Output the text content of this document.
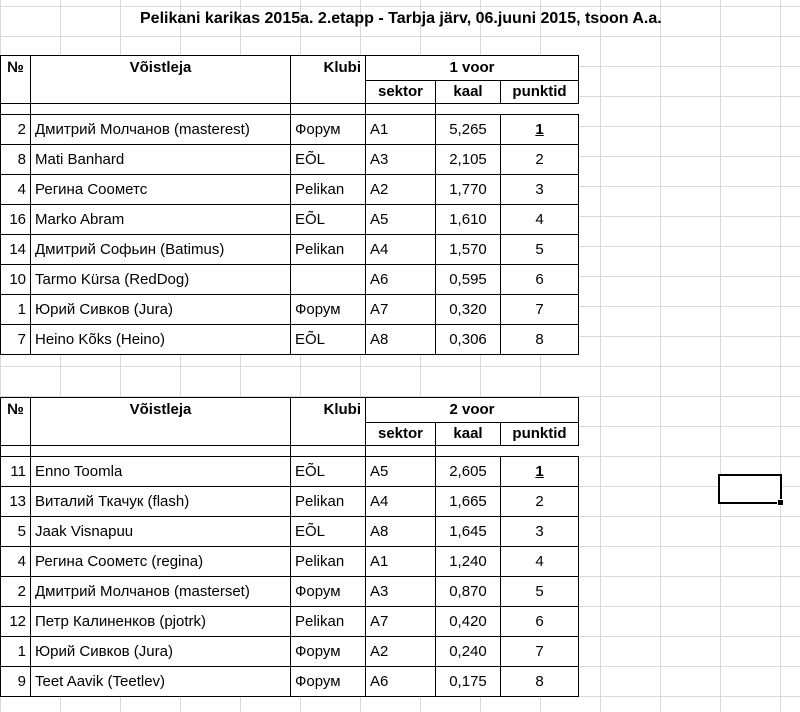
Pelikani karikas 2015a. 2.etapp - Tarbja järv, 06.juuni 2015, tsoon A.a.
№	Võistleja	Klubi	1 voor		
			sektor	kaal	punktid

2	Дмитрий Молчанов (masterest)	Форум	A1	5,265	1
8	Mati Banhard	EÕL	A3	2,105	2
4	Регина Соометс	Pelikan	A2	1,770	3
16	Marko Abram	EÕL	A5	1,610	4
14	Дмитрий Софьин (Batimus)	Pelikan	A4	1,570	5
10	Tarmo Kürsa (RedDog)		A6	0,595	6
1	Юрий Сивков (Jura)	Форум	A7	0,320	7
7	Heino Kõks (Heino)	EÕL	A8	0,306	8
№	Võistleja	Klubi	2 voor		
			sektor	kaal	punktid

11	Enno Toomla	EÕL	A5	2,605	1
13	Виталий Ткачук (flash)	Pelikan	A4	1,665	2
5	Jaak Visnapuu	EÕL	A8	1,645	3
4	Регина Соометс (regina)	Pelikan	A1	1,240	4
2	Дмитрий Молчанов (masterset)	Форум	A3	0,870	5
12	Петр Калиненков (pjotrk)	Pelikan	A7	0,420	6
1	Юрий Сивков (Jura)	Форум	A2	0,240	7
9	Teet Aavik (Teetlev)	Форум	A6	0,175	8
